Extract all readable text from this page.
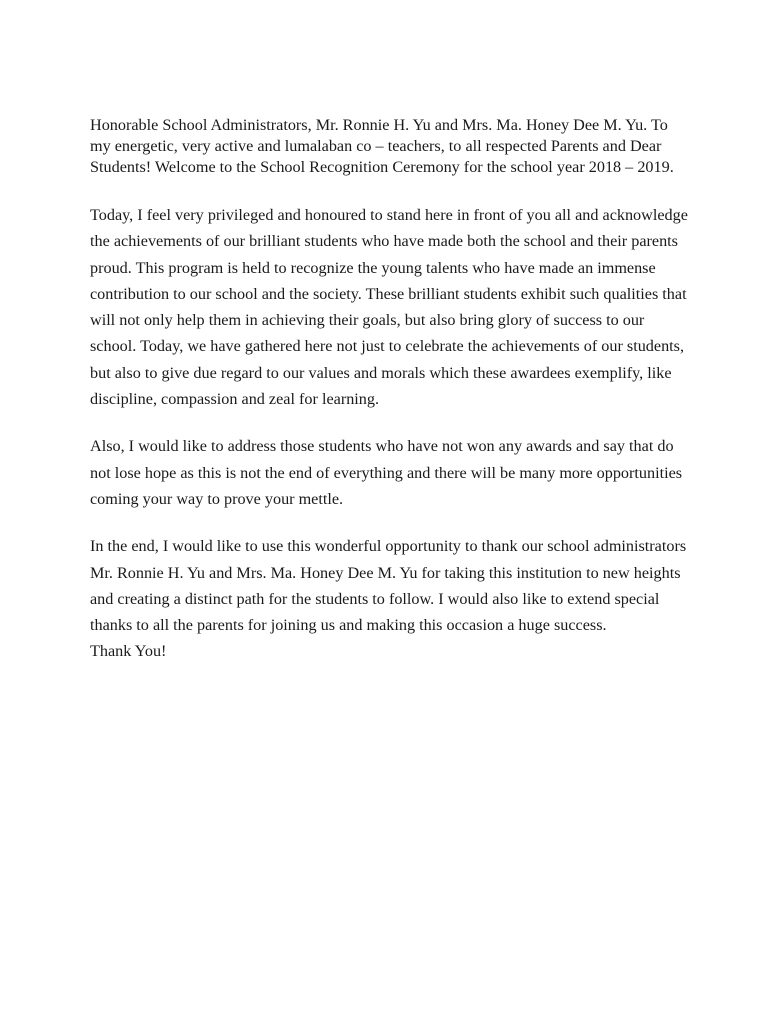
Honorable School Administrators, Mr. Ronnie H. Yu and Mrs. Ma. Honey Dee M. Yu. To my energetic, very active and lumalaban co – teachers, to all respected Parents and Dear Students! Welcome to the School Recognition Ceremony for the school year 2018 – 2019.

Today, I feel very privileged and honoured to stand here in front of you all and acknowledge the achievements of our brilliant students who have made both the school and their parents proud. This program is held to recognize the young talents who have made an immense contribution to our school and the society. These brilliant students exhibit such qualities that will not only help them in achieving their goals, but also bring glory of success to our school. Today, we have gathered here not just to celebrate the achievements of our students, but also to give due regard to our values and morals which these awardees exemplify, like discipline, compassion and zeal for learning.

Also, I would like to address those students who have not won any awards and say that do not lose hope as this is not the end of everything and there will be many more opportunities coming your way to prove your mettle.

In the end, I would like to use this wonderful opportunity to thank our school administrators Mr. Ronnie H. Yu and Mrs. Ma. Honey Dee M. Yu for taking this institution to new heights and creating a distinct path for the students to follow. I would also like to extend special thanks to all the parents for joining us and making this occasion a huge success.

Thank You!
